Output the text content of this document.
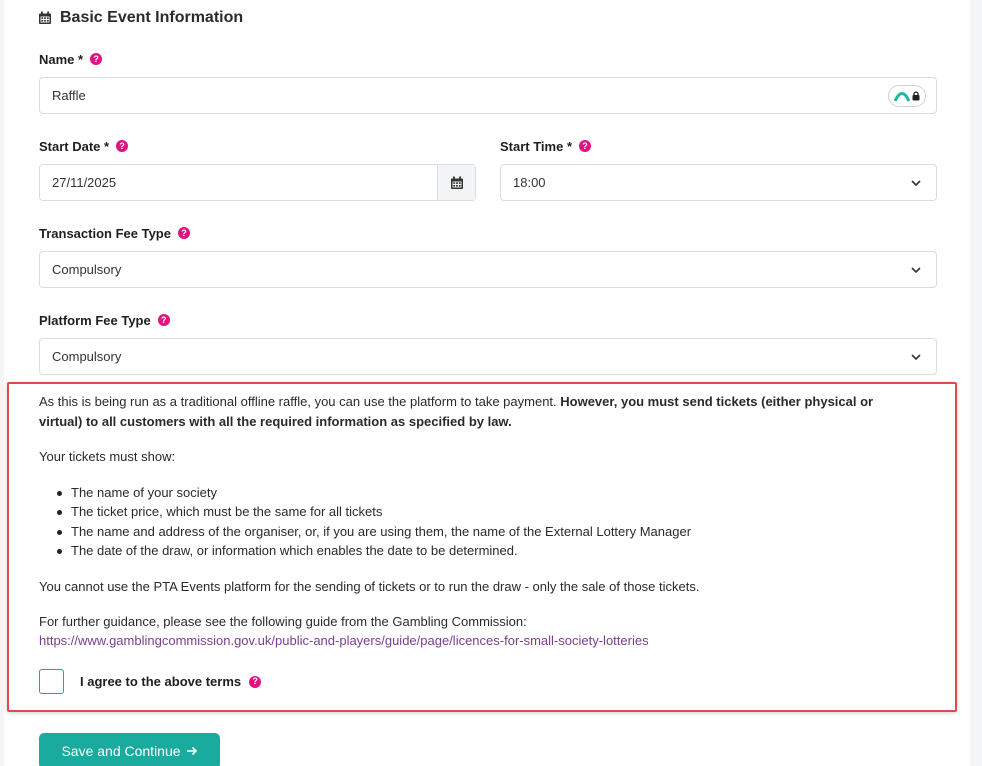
Basic Event Information
Name *	?
Raffle
Start Date *	?
27/11/2025
Start Time *	?
18:00
Transaction Fee Type	?
Compulsory
Platform Fee Type	?
Compulsory

As this is being run as a traditional offline raffle, you can use the platform to take payment. However, you must send tickets (either physical or virtual) to all customers with all the required information as specified by law.

Your tickets must show:

The name of your society
The ticket price, which must be the same for all tickets
The name and address of the organiser, or, if you are using them, the name of the External Lottery Manager
The date of the draw, or information which enables the date to be determined.

You cannot use the PTA Events platform for the sending of tickets or to run the draw - only the sale of those tickets.

For further guidance, please see the following guide from the Gambling Commission:

https://www.gamblingcommission.gov.uk/public-and-players/guide/page/licences-for-small-society-lotteries
I agree to the above terms	?
Save and Continue
